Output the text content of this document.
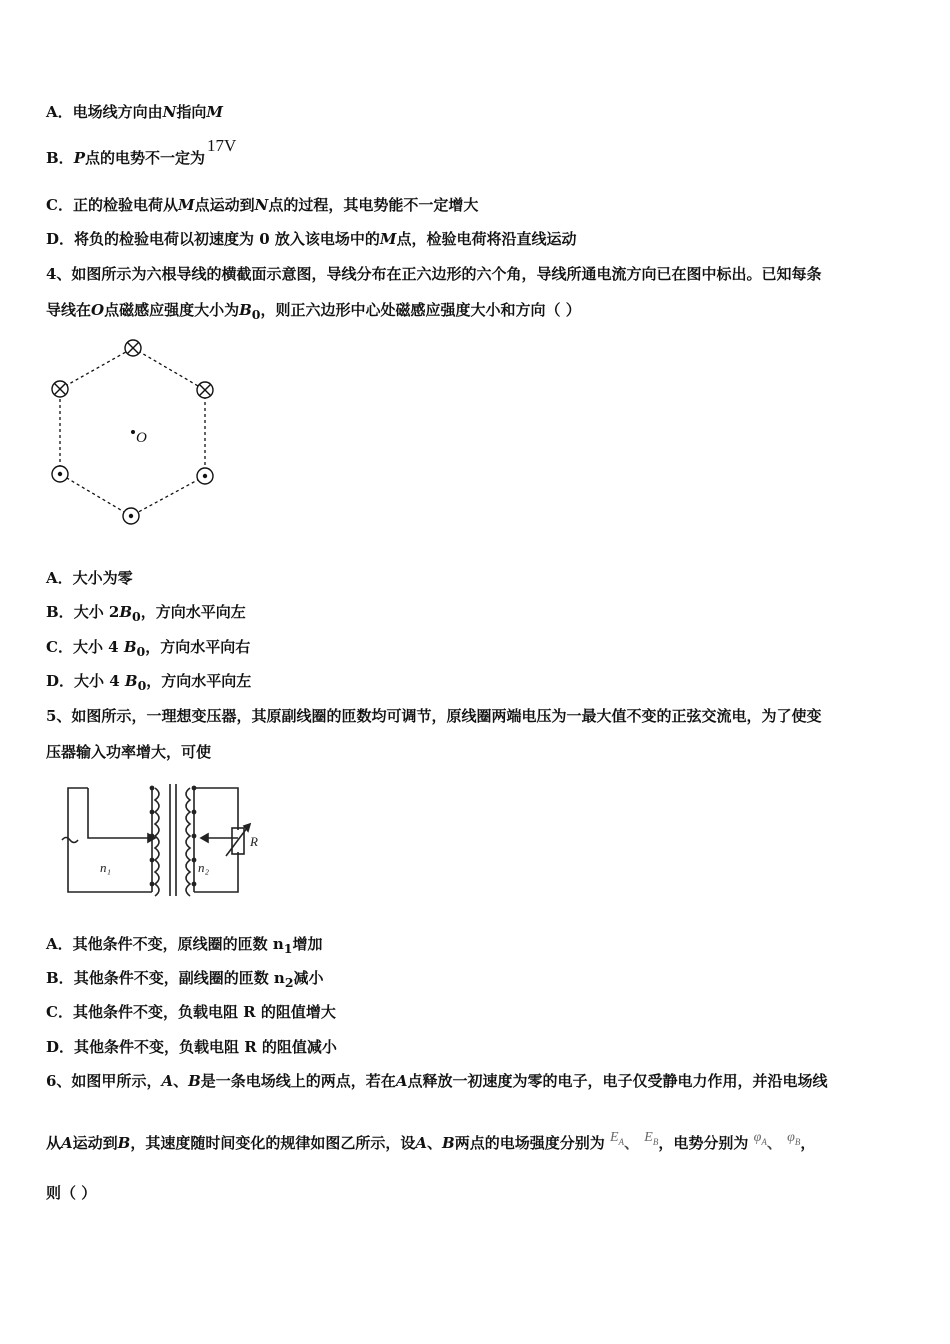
A．电场线方向由N指向M
B．P点的电势不一定为17V
C．正的检验电荷从M点运动到N点的过程，其电势能不一定增大
D．将负的检验电荷以初速度为 0 放入该电场中的M点，检验电荷将沿直线运动
4、如图所示为六根导线的横截面示意图，导线分布在正六边形的六个角，导线所通电流方向已在图中标出。已知每条
导线在O点磁感应强度大小为$B_0$，则正六边形中心处磁感应强度大小和方向（ ）
O
A．大小为零
B．大小 $2B_0$，方向水平向左
C．大小 4 $B_0$，方向水平向右
D．大小 4 $B_0$，方向水平向左
5、如图所示，一理想变压器，其原副线圈的匝数均可调节，原线圈两端电压为一最大值不变的正弦交流电，为了使变
压器输入功率增大，可使
n₁	n₂
R
A．其他条件不变，原线圈的匝数 $n_1$增加
B．其他条件不变，副线圈的匝数 $n_2$减小
C．其他条件不变，负载电阻 R 的阻值增大
D．其他条件不变，负载电阻 R 的阻值减小
6、如图甲所示，A、B是一条电场线上的两点，若在A点释放一初速度为零的电子，电子仅受静电力作用，并沿电场线
从A运动到B，其速度随时间变化的规律如图乙所示，设A、B两点的电场强度分别为 $E_A$、 $E_B$，电势分别为 $\varphi_A$、 $\varphi_B$，
则（ ）
